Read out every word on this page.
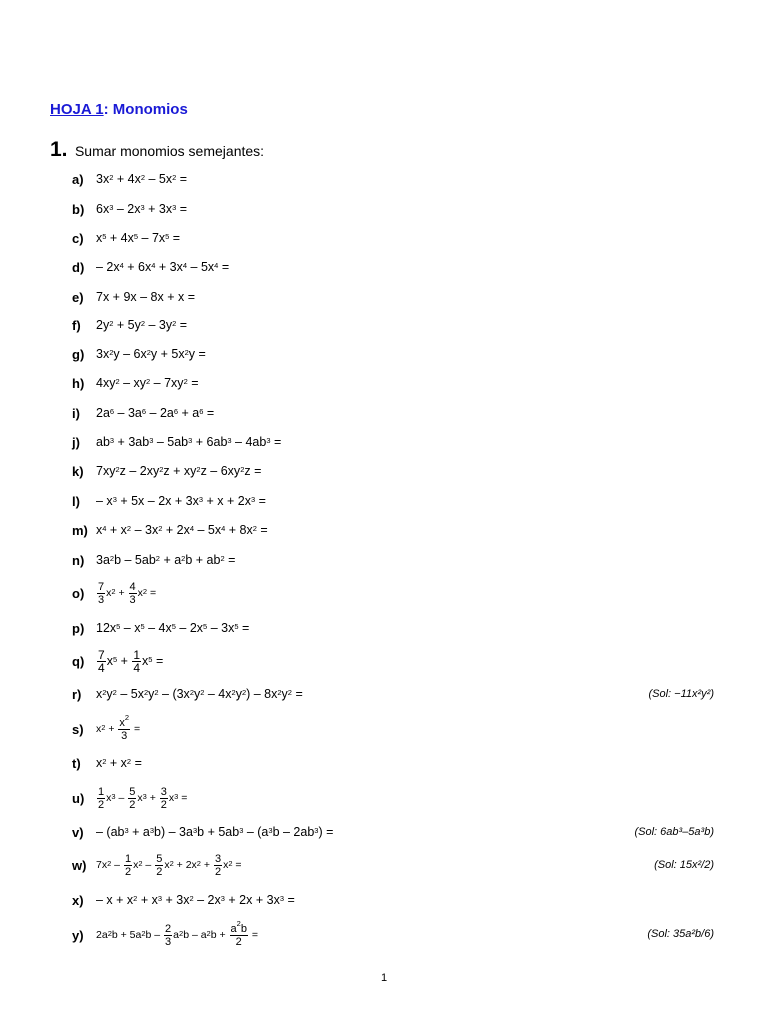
HOJA 1: Monomios
1. Sumar monomios semejantes:
a) $3x^2 + 4x^2 - 5x^2$ =
b) $6x^3 - 2x^3 + 3x^3$ =
c) $x^5 + 4x^5 - 7x^5$ =
$d) - 2x^4 + 6x^4 + 3x^4 - 5x^4$ =
e) 7x + 9x – 8x + x =
f)	$2y^2 + 5y^2 - 3y^2$ =
g) $3x^2$ y – $6x^2$ $y + 5x^2$ y =
h) $4xy^2 - xy^2 - 7xy^2$ =
i)	$2a^6 - 3a^6 - 2a^6 + a^6$ =
j)	$ab^3 + 3ab^3 - 5ab^3 + 6ab^3 - 4ab^3$ =
k) $7xy^2$ z – $2xy^2$ $z + xy^2$ z – $6xy^2$ z =
l)	– $x^3 + 5x - 2x + 3x^3 + x + 2x^3$ =
m) $x^4 + x^2 - 3x^2 + 2x^4 - 5x^4 + 8x^2$ =
n) $3a^2$ $b - 5ab^2 + a^2$ $b + ab^2$ =
o)	$\frac{7}{3} x^2 + \frac{4}{3} x^2$ =
p) $12x^5 - x^5 - 4x^5 - 2x^5 - 3x^5$ =
q)	$\frac{7}{4} x^5 + \frac{1}{4} x^5$ =
r)	$x^2$ $y^2 - 5x^2$ $y^2 - (3x^2$ $y^2 - 4x^2$ $y^2$ ) – $8x^2$ $y^2$ =	(Sol: −11x²y²)
s)	$x^2 + \frac{x^2}{3}$ =
t)	$x^2 + x^2$ =
u)	$\frac{1}{2} x^3 - \frac{5}{2} x^3 + \frac{3}{2} x^3$ =
$v) - (ab^3 + a^3$ $b) - 3a^3$ $b + 5ab^3 - (a^3$ b – $2ab^3$ ) =	(Sol: 6ab³–5a³b)
w) $7x^2 - \frac{1}{2} x^2 - \frac{5}{2} x^2 + 2x^2 + \frac{3}{2} x^2$ =	(Sol: 15x²/2)
$x) - x + x^2 + x^3 + 3x^2 - 2x^3 + 2x + 3x^3$ =
y)	$2a^2$ $b + 5a^2$ b – $\frac{2}{3} a^2$ b – $a^2$ $b + \frac{a^2b}{2}$ =	(Sol: 35a²b/6)
1
